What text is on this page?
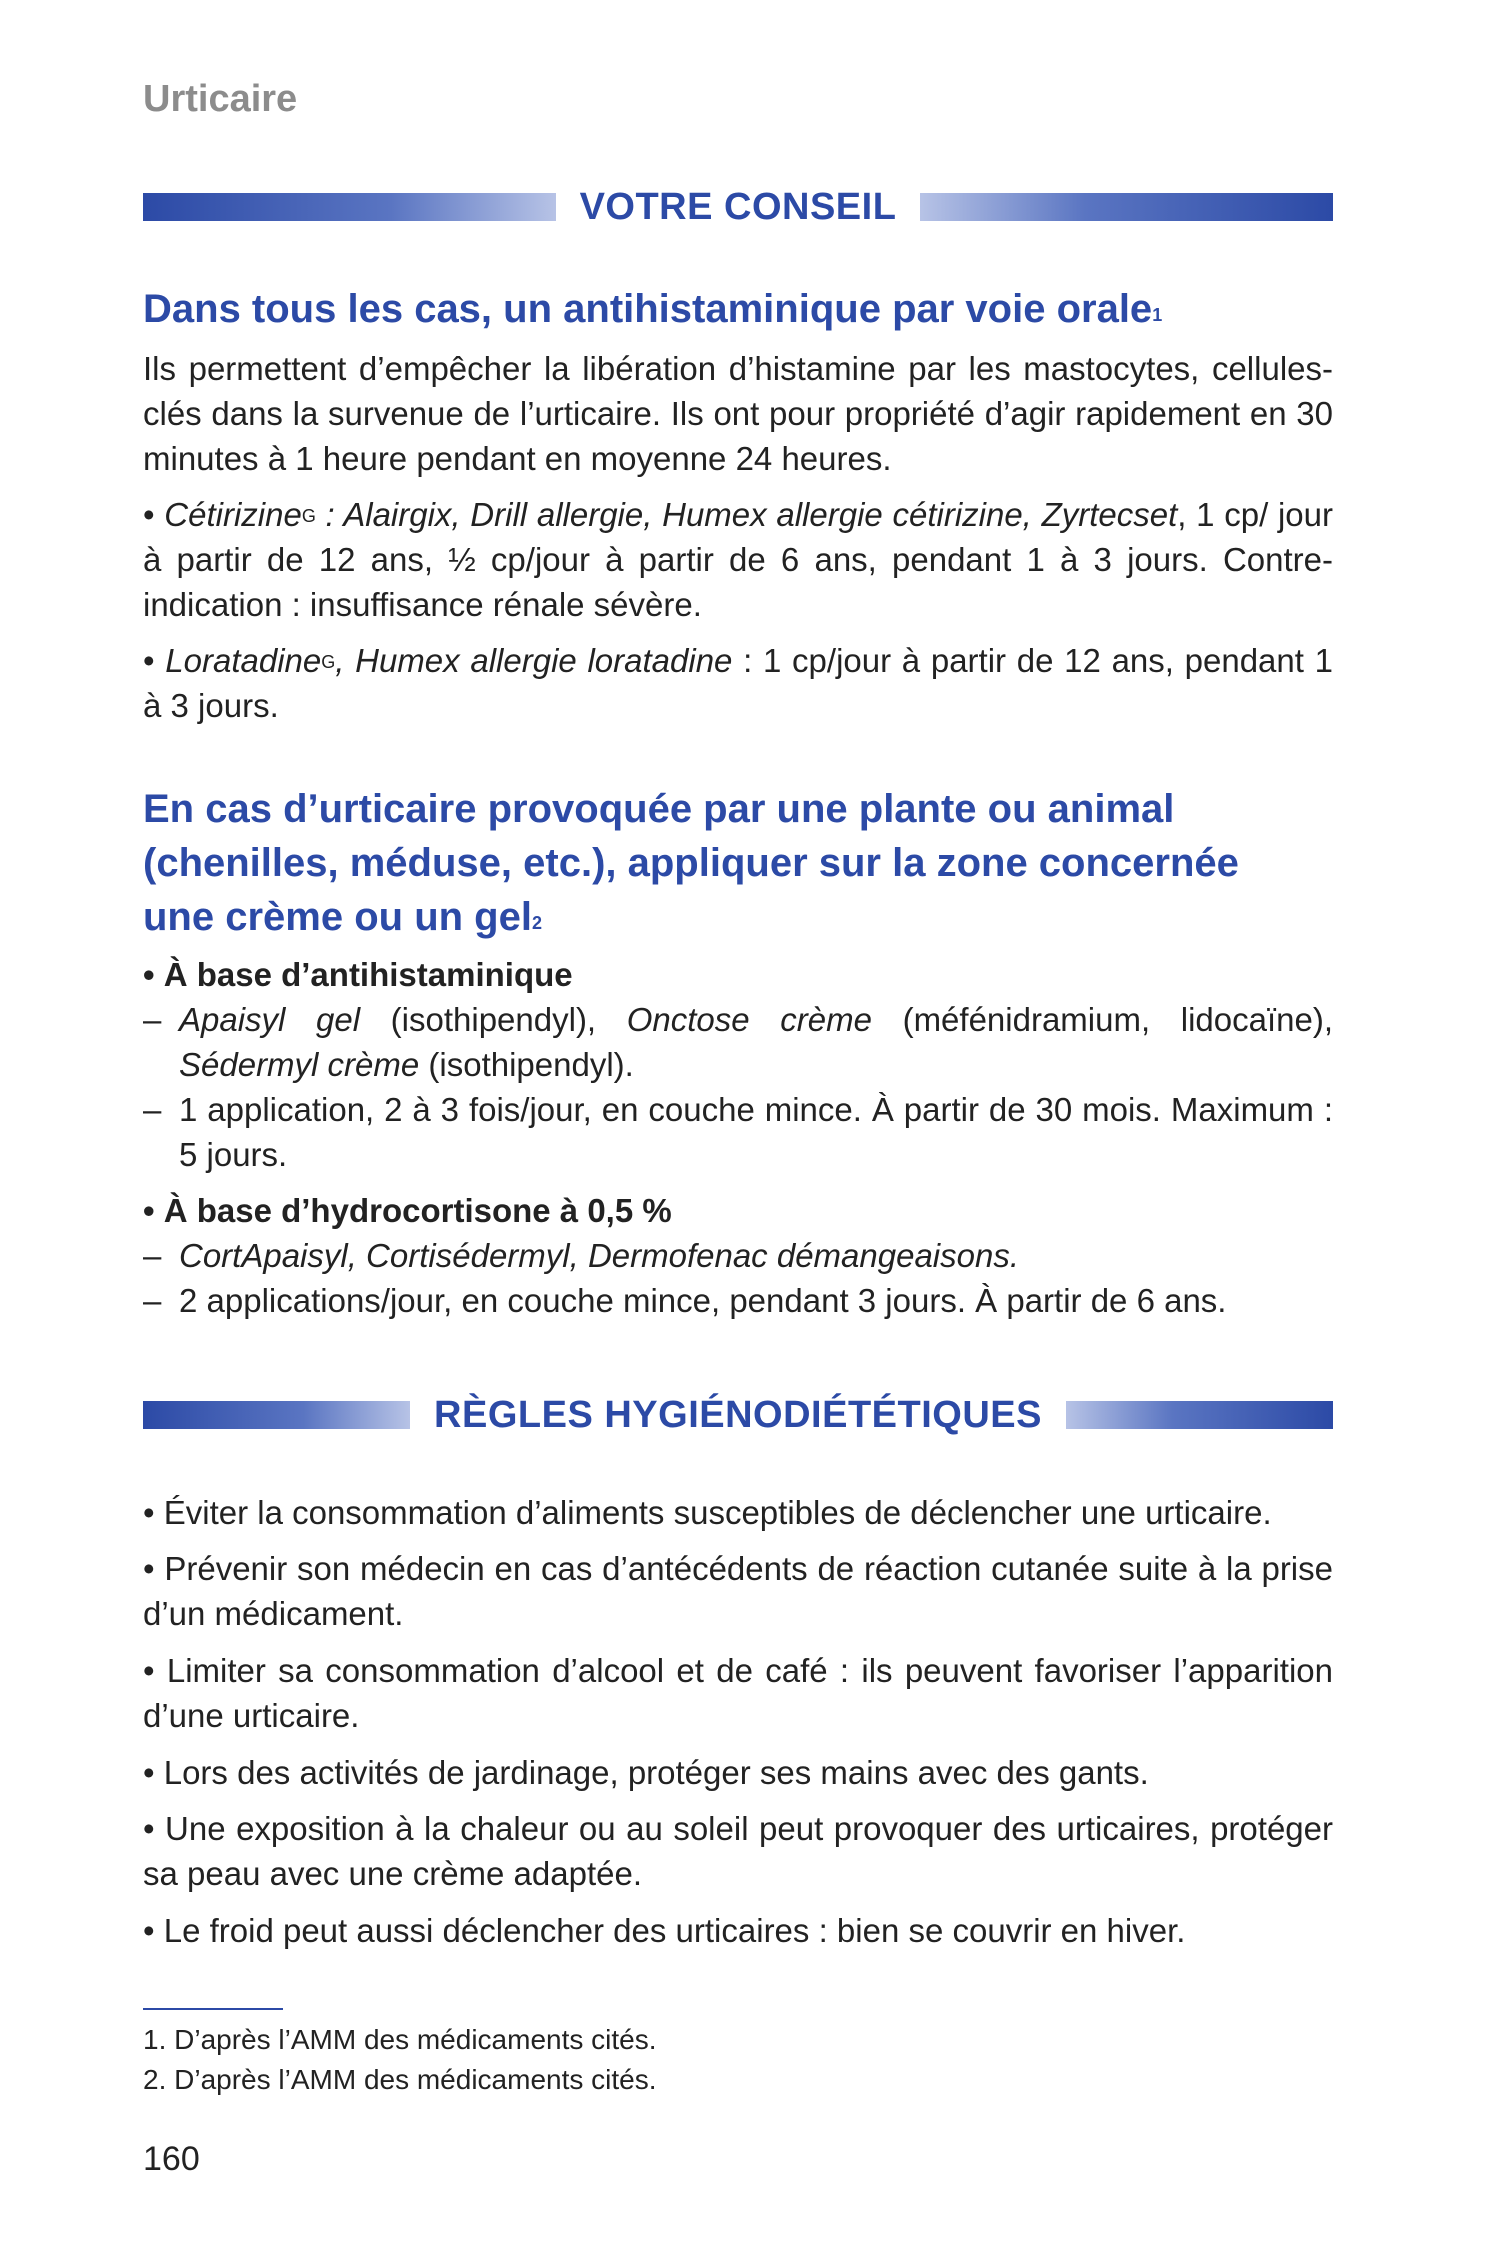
Urticaire
VOTRE CONSEIL
Dans tous les cas, un antihistaminique par voie orale$^1$
Ils permettent d’empêcher la libération d’histamine par les mastocytes, cellules-clés dans la survenue de l’urticaire. Ils ont pour propriété d’agir rapidement en 30 minutes à 1 heure pendant en moyenne 24 heures.
• Cétirizine$^G$ : Alairgix, Drill allergie, Humex allergie cétirizine, Zyrtecset, 1 cp/ jour à partir de 12 ans, ½ cp/jour à partir de 6 ans, pendant 1 à 3 jours. Contre-indication : insuffisance rénale sévère.
• Loratadine$^G$, Humex allergie loratadine : 1 cp/jour à partir de 12 ans, pendant 1 à 3 jours.
En cas d’urticaire provoquée par une plante ou animal
(chenilles, méduse, etc.), appliquer sur la zone concernée
une crème ou un gel$^2$
• À base d’antihistaminique
– Apaisyl gel (isothipendyl), Onctose crème (méfénidramium, lidocaïne), Sédermyl crème (isothipendyl).
– 1 application, 2 à 3 fois/jour, en couche mince. À partir de 30 mois. Maximum : 5 jours.
• À base d’hydrocortisone à 0,5 %
– CortApaisyl, Cortisédermyl, Dermofenac démangeaisons.
– 2 applications/jour, en couche mince, pendant 3 jours. À partir de 6 ans.
RÈGLES HYGIÉNODIÉTÉTIQUES
• Éviter la consommation d’aliments susceptibles de déclencher une urticaire.
• Prévenir son médecin en cas d’antécédents de réaction cutanée suite à la prise d’un médicament.
• Limiter sa consommation d’alcool et de café : ils peuvent favoriser l’apparition d’une urticaire.
• Lors des activités de jardinage, protéger ses mains avec des gants.
• Une exposition à la chaleur ou au soleil peut provoquer des urticaires, protéger sa peau avec une crème adaptée.
• Le froid peut aussi déclencher des urticaires : bien se couvrir en hiver.
1. D’après l’AMM des médicaments cités.
2. D’après l’AMM des médicaments cités.
160
